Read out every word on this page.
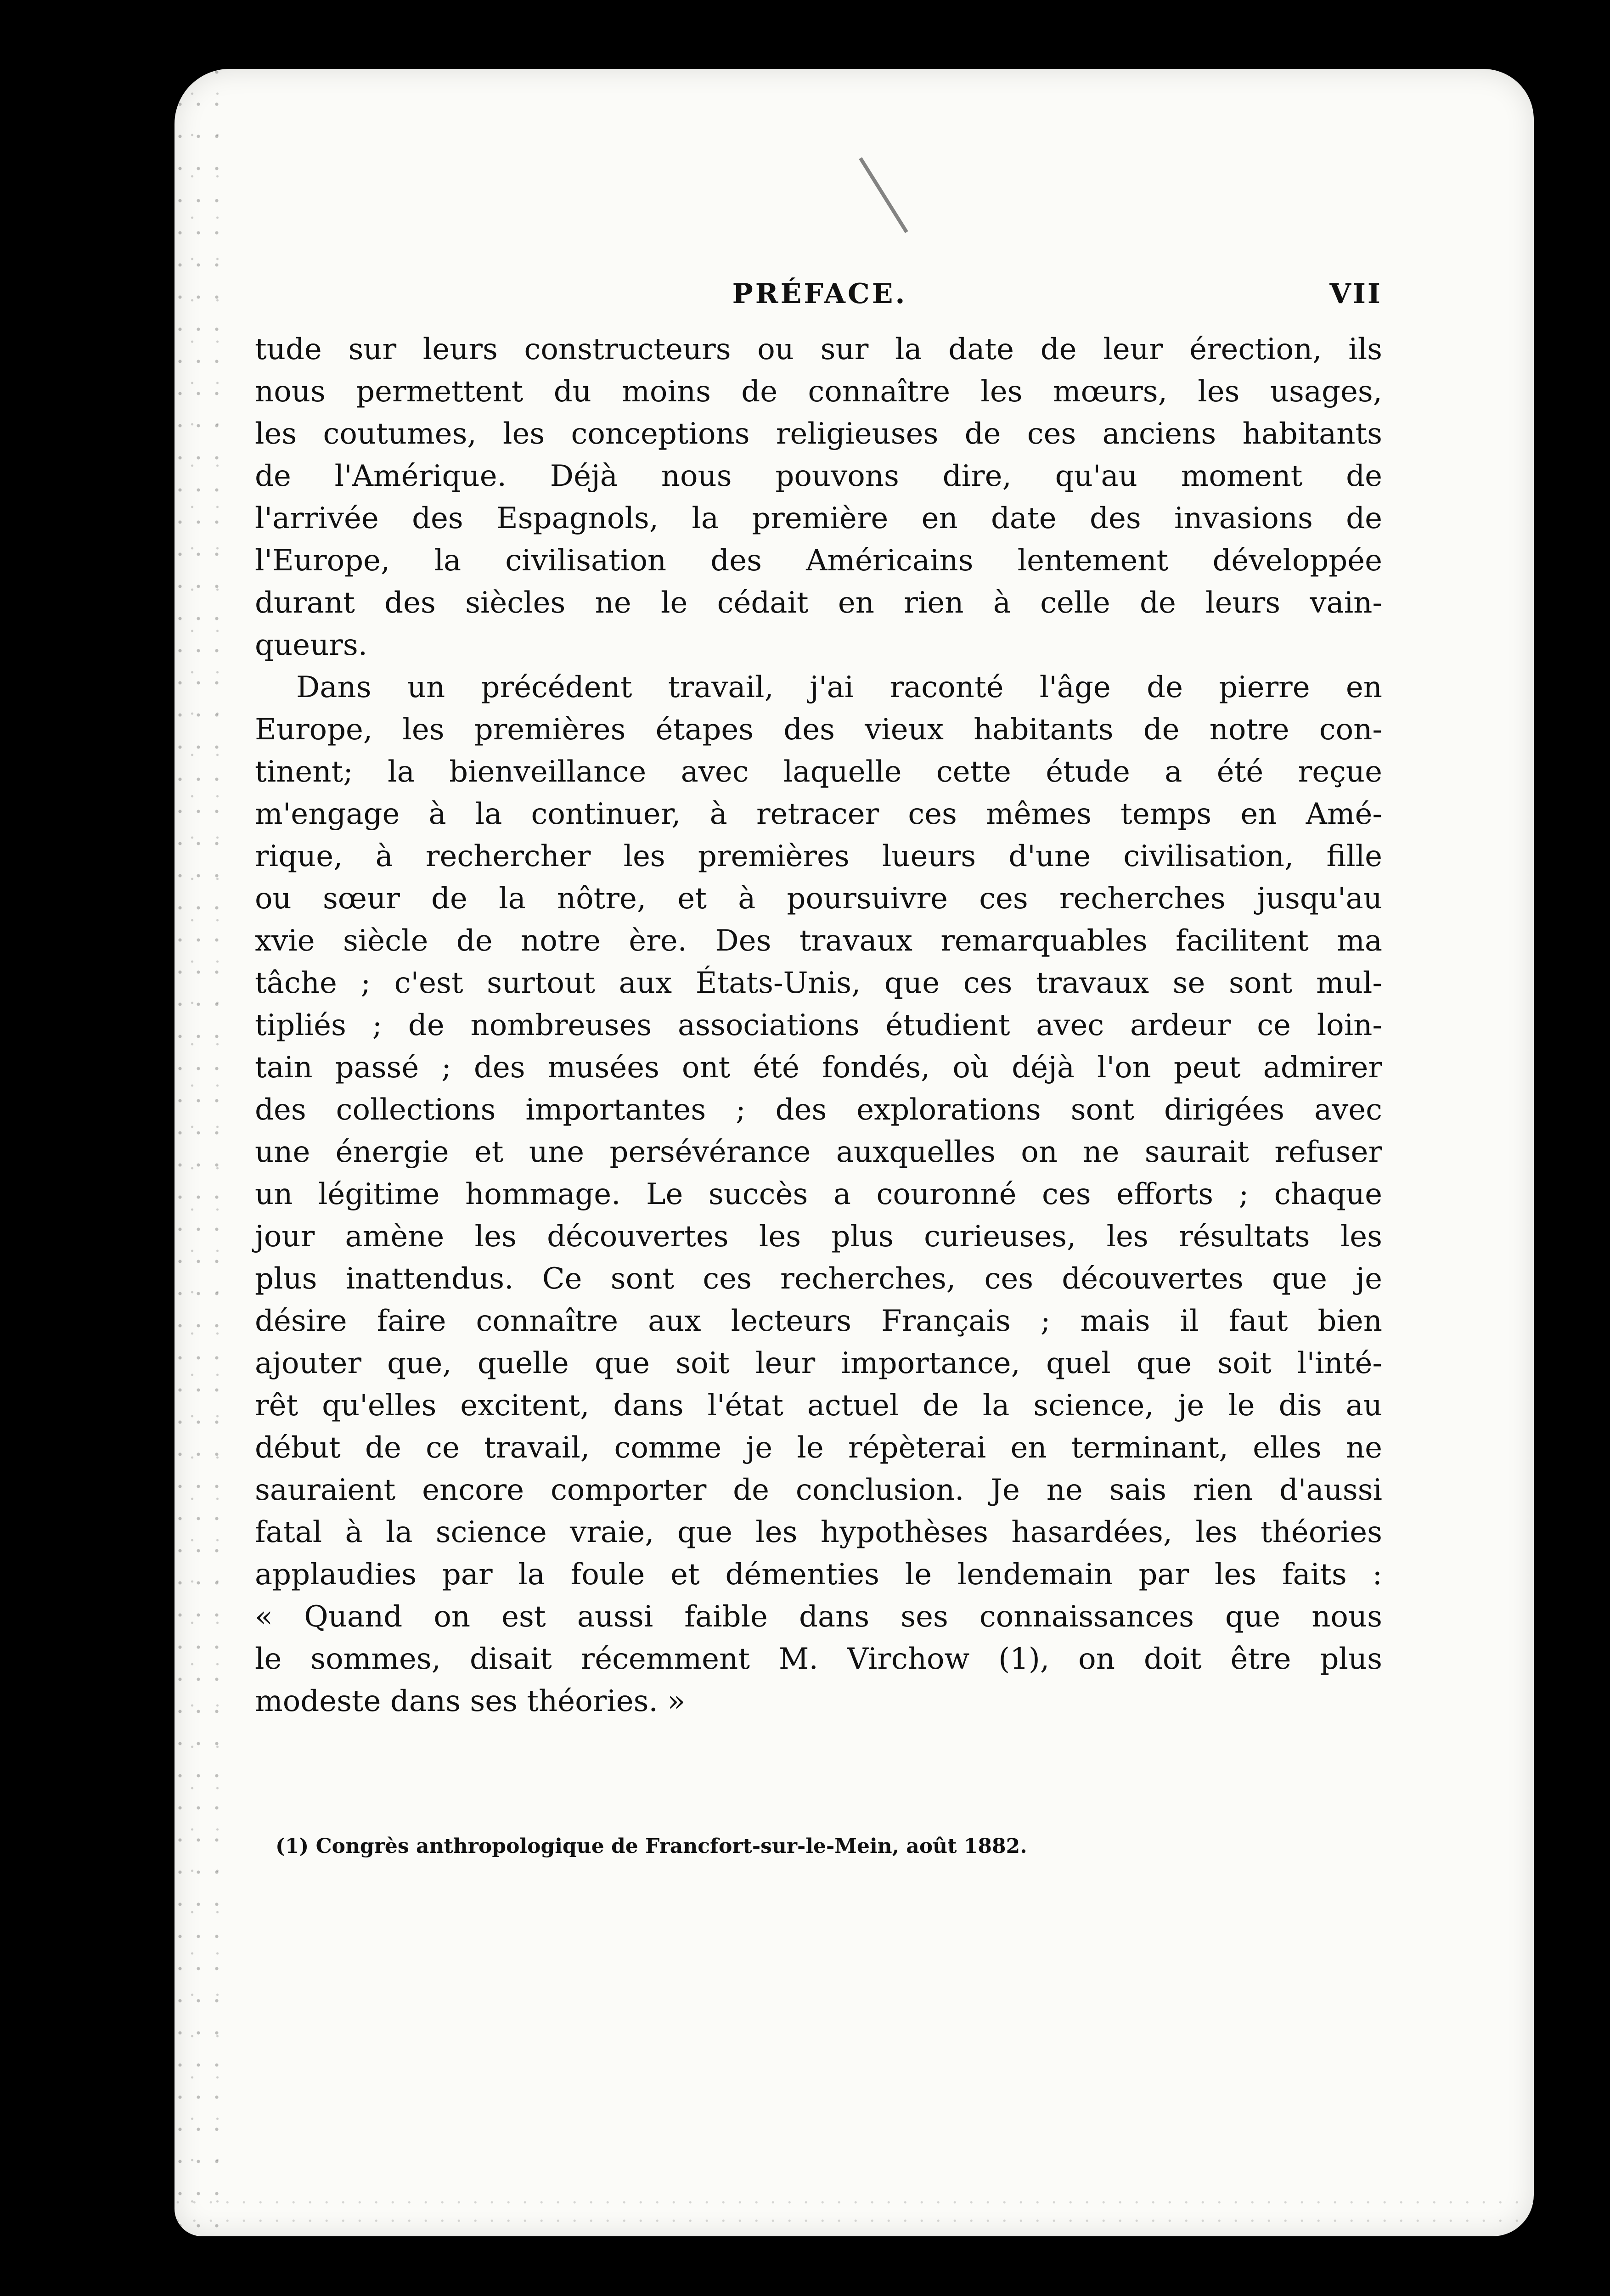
PRÉFACE.	VII
tude sur leurs constructeurs ou sur la date de leur érection, ils
nous permettent du moins de connaître les mœurs, les usages,
les coutumes, les conceptions religieuses de ces anciens habitants
de l'Amérique. Déjà nous pouvons dire, qu'au moment de
l'arrivée des Espagnols, la première en date des invasions de
l'Europe, la civilisation des Américains lentement développée
durant des siècles ne le cédait en rien à celle de leurs vain-
queurs.
Dans un précédent travail, j'ai raconté l'âge de pierre en
Europe, les premières étapes des vieux habitants de notre con-
tinent; la bienveillance avec laquelle cette étude a été reçue
m'engage à la continuer, à retracer ces mêmes temps en Amé-
rique, à rechercher les premières lueurs d'une civilisation, fille
ou sœur de la nôtre, et à poursuivre ces recherches jusqu'au
xvie siècle de notre ère. Des travaux remarquables facilitent ma
tâche ; c'est surtout aux États-Unis, que ces travaux se sont mul-
tipliés ; de nombreuses associations étudient avec ardeur ce loin-
tain passé ; des musées ont été fondés, où déjà l'on peut admirer
des collections importantes ; des explorations sont dirigées avec
une énergie et une persévérance auxquelles on ne saurait refuser
un légitime hommage. Le succès a couronné ces efforts ; chaque
jour amène les découvertes les plus curieuses, les résultats les
plus inattendus. Ce sont ces recherches, ces découvertes que je
désire faire connaître aux lecteurs Français ; mais il faut bien
ajouter que, quelle que soit leur importance, quel que soit l'inté-
rêt qu'elles excitent, dans l'état actuel de la science, je le dis au
début de ce travail, comme je le répèterai en terminant, elles ne
sauraient encore comporter de conclusion. Je ne sais rien d'aussi
fatal à la science vraie, que les hypothèses hasardées, les théories
applaudies par la foule et démenties le lendemain par les faits :
« Quand on est aussi faible dans ses connaissances que nous
le sommes, disait récemment M. Virchow (1), on doit être plus
modeste dans ses théories. »
(1) Congrès anthropologique de Francfort-sur-le-Mein, août 1882.
